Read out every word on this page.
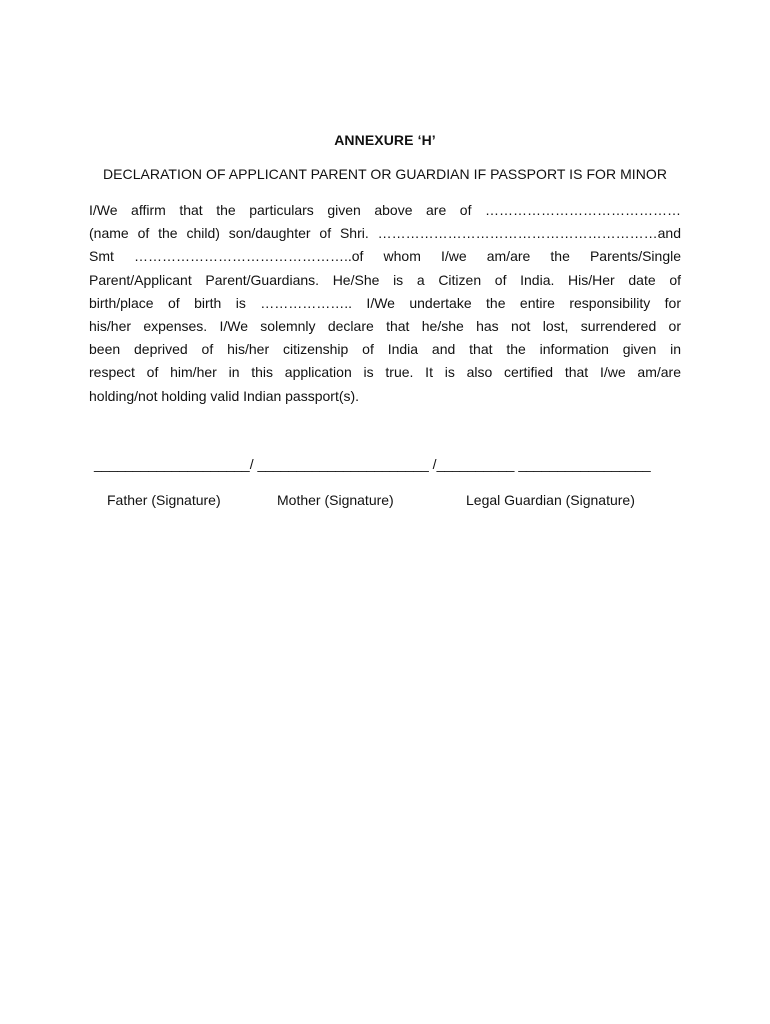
ANNEXURE ‘H’
DECLARATION OF APPLICANT PARENT OR GUARDIAN IF PASSPORT IS FOR MINOR
I/We affirm that the particulars given above are of ……………………………………
(name of the child) son/daughter of Shri. ……………………………………………………and
Smt ………………………………………..of whom I/we am/are the Parents/Single
Parent/Applicant Parent/Guardians. He/She is a Citizen of India. His/Her date of
birth/place of birth is ……………….. I/We undertake the entire responsibility for
his/her expenses. I/We solemnly declare that he/she has not lost, surrendered or
been deprived of his/her citizenship of India and that the information given in
respect of him/her in this application is true. It is also certified that I/we am/are
holding/not holding valid Indian passport(s).
____________________/ ______________________ /__________ _________________
Father (Signature)	Mother (Signature)	Legal Guardian (Signature)
